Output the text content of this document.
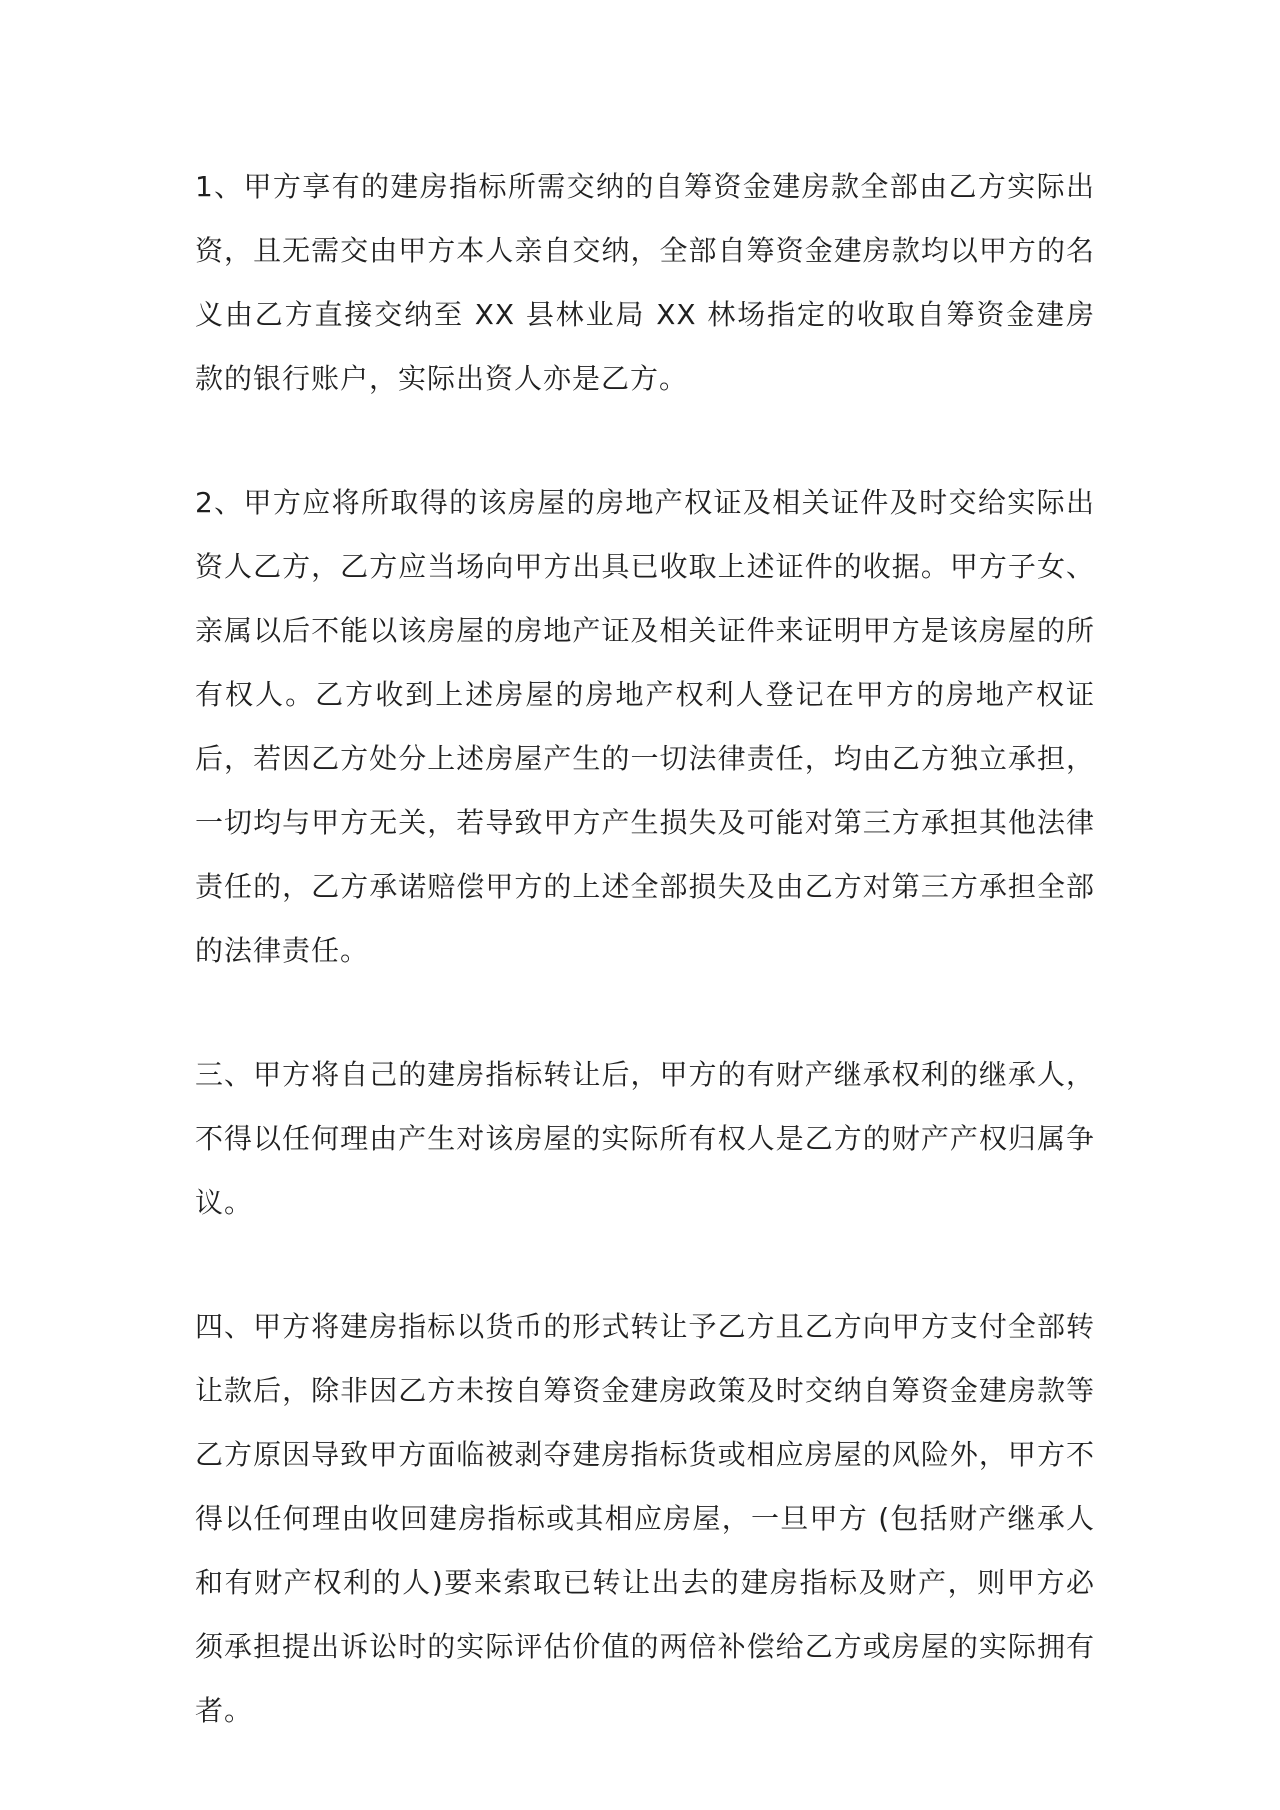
1、甲方享有的建房指标所需交纳的自筹资金建房款全部由乙方实际出资，且无需交由甲方本人亲自交纳，全部自筹资金建房款均以甲方的名义由乙方直接交纳至 XX 县林业局 XX 林场指定的收取自筹资金建房款的银行账户，实际出资人亦是乙方。

2、甲方应将所取得的该房屋的房地产权证及相关证件及时交给实际出资人乙方，乙方应当场向甲方出具已收取上述证件的收据。甲方子女、亲属以后不能以该房屋的房地产证及相关证件来证明甲方是该房屋的所有权人。乙方收到上述房屋的房地产权利人登记在甲方的房地产权证后，若因乙方处分上述房屋产生的一切法律责任，均由乙方独立承担，一切均与甲方无关，若导致甲方产生损失及可能对第三方承担其他法律责任的，乙方承诺赔偿甲方的上述全部损失及由乙方对第三方承担全部的法律责任。

三、甲方将自己的建房指标转让后，甲方的有财产继承权利的继承人，不得以任何理由产生对该房屋的实际所有权人是乙方的财产产权归属争议。

四、甲方将建房指标以货币的形式转让予乙方且乙方向甲方支付全部转让款后，除非因乙方未按自筹资金建房政策及时交纳自筹资金建房款等乙方原因导致甲方面临被剥夺建房指标货或相应房屋的风险外，甲方不得以任何理由收回建房指标或其相应房屋，一旦甲方 (包括财产继承人和有财产权利的人)要来索取已转让出去的建房指标及财产，则甲方必须承担提出诉讼时的实际评估价值的两倍补偿给乙方或房屋的实际拥有者。
